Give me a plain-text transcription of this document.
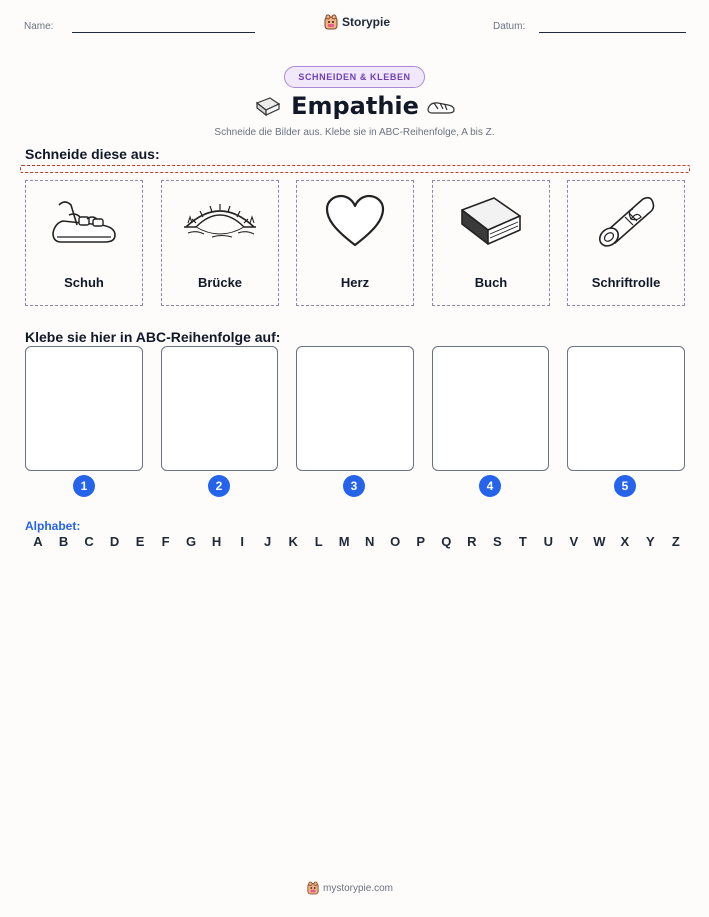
Name:	Storypie	Datum:
SCHNEIDEN & KLEBEN
Empathie
Schneide die Bilder aus. Klebe sie in ABC-Reihenfolge, A bis Z.
Schneide diese aus:
Schuh	Brücke	Herz	Buch	Schriftrolle
Klebe sie hier in ABC-Reihenfolge auf:
1	2	3	4	5
Alphabet:
A B C D E F G H	I	J K L M N O P Q R S T U V W X Y Z
mystorypie.com
